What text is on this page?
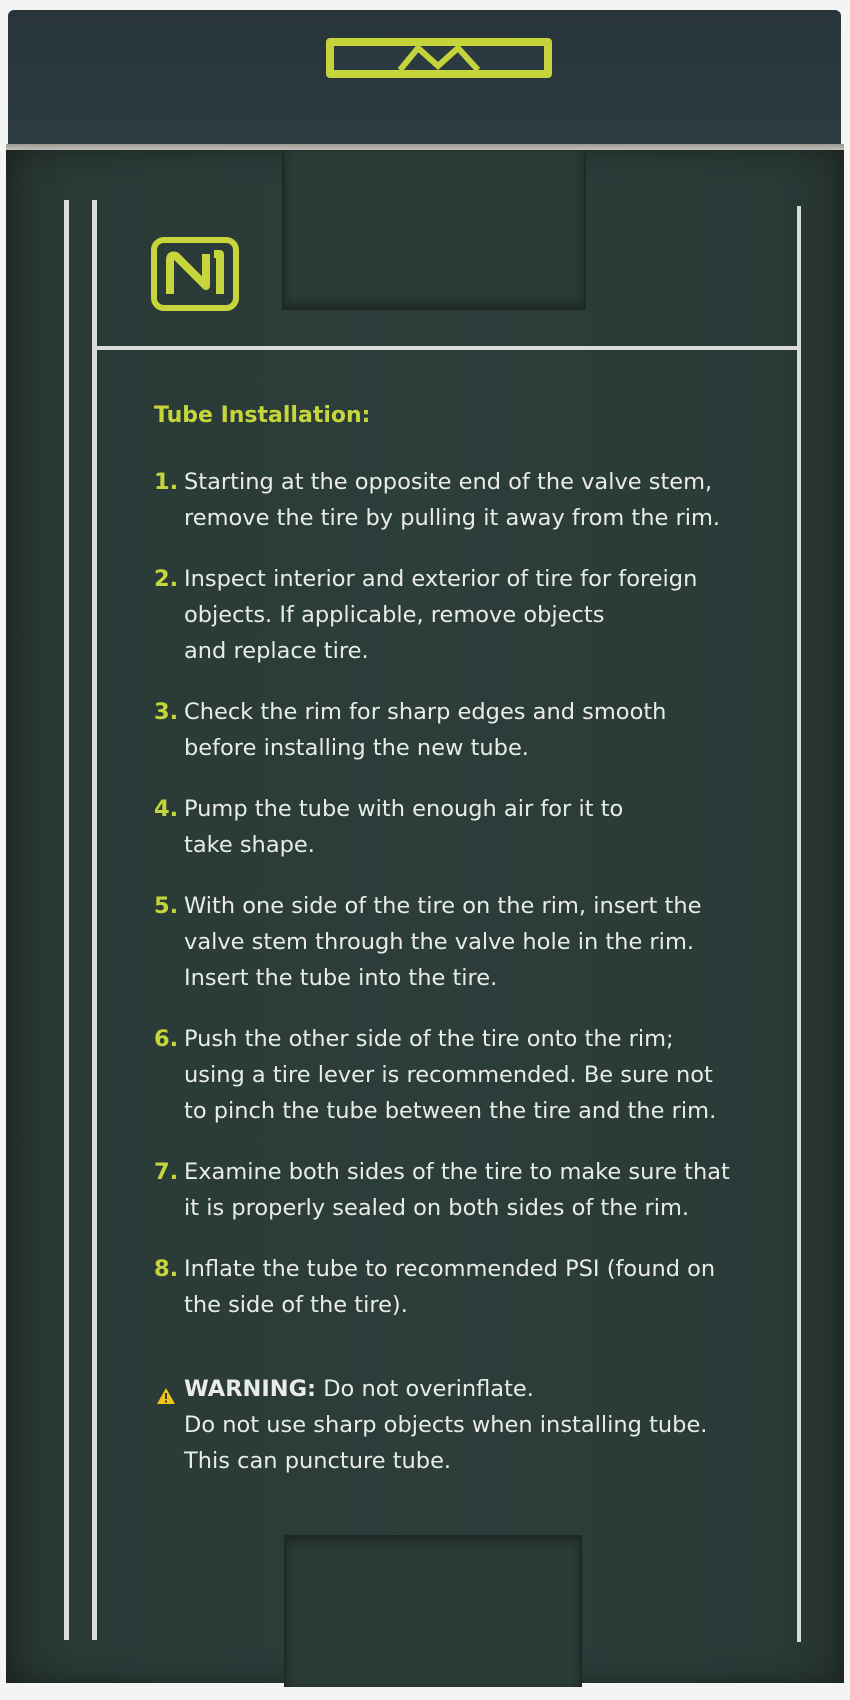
Tube Installation:
1. Starting at the opposite end of the valve stem,
remove the tire by pulling it away from the rim.
2. Inspect interior and exterior of tire for foreign
objects. If applicable, remove objects
and replace tire.
3. Check the rim for sharp edges and smooth
before installing the new tube.
4. Pump the tube with enough air for it to
take shape.
5. With one side of the tire on the rim, insert the
valve stem through the valve hole in the rim.
Insert the tube into the tire.
6. Push the other side of the tire onto the rim;
using a tire lever is recommended. Be sure not
to pinch the tube between the tire and the rim.
7. Examine both sides of the tire to make sure that
it is properly sealed on both sides of the rim.
8. Inflate the tube to recommended PSI (found on
the side of the tire).
WARNING: Do not overinflate.
Do not use sharp objects when installing tube.
This can puncture tube.
